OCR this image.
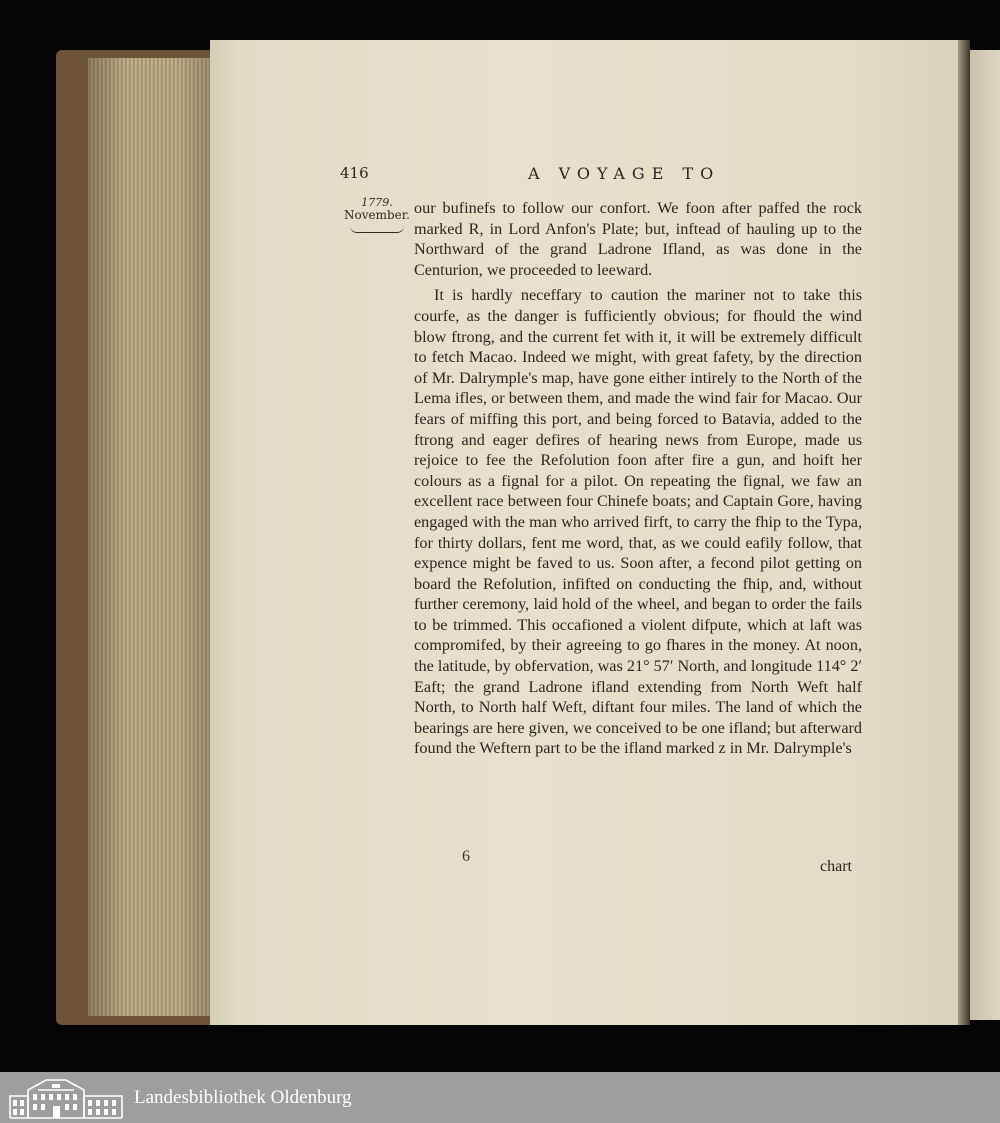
416	A VOYAGE TO
1779.
November. our bufinefs to follow our confort. We foon after paffed the rock marked R, in Lord Anfon's Plate; but, inftead of hauling up to the Northward of the grand Ladrone Ifland, as was done in the Centurion, we proceeded to leeward.

It is hardly neceffary to caution the mariner not to take this courfe, as the danger is fufficiently obvious; for fhould the wind blow ftrong, and the current fet with it, it will be extremely difficult to fetch Macao. Indeed we might, with great fafety, by the direction of Mr. Dalrymple's map, have gone either intirely to the North of the Lema ifles, or between them, and made the wind fair for Macao. Our fears of miffing this port, and being forced to Batavia, added to the ftrong and eager defires of hearing news from Europe, made us rejoice to fee the Refolution foon after fire a gun, and hoift her colours as a fignal for a pilot. On repeating the fignal, we faw an excellent race between four Chinefe boats; and Captain Gore, having engaged with the man who arrived firft, to carry the fhip to the Typa, for thirty dollars, fent me word, that, as we could eafily follow, that expence might be faved to us. Soon after, a fecond pilot getting on board the Refolution, infifted on conducting the fhip, and, without further ceremony, laid hold of the wheel, and began to order the fails to be trimmed. This occafioned a violent difpute, which at laft was compromifed, by their agreeing to go fhares in the money. At noon, the latitude, by obfervation, was 21° 57′ North, and longitude 114° 2′ Eaft; the grand Ladrone ifland extending from North Weft half North, to North half Weft, diftant four miles. The land of which the bearings are here given, we conceived to be one ifland; but afterward found the Weftern part to be the ifland marked z in Mr. Dalrymple's

6
chart
Landesbibliothek Oldenburg
